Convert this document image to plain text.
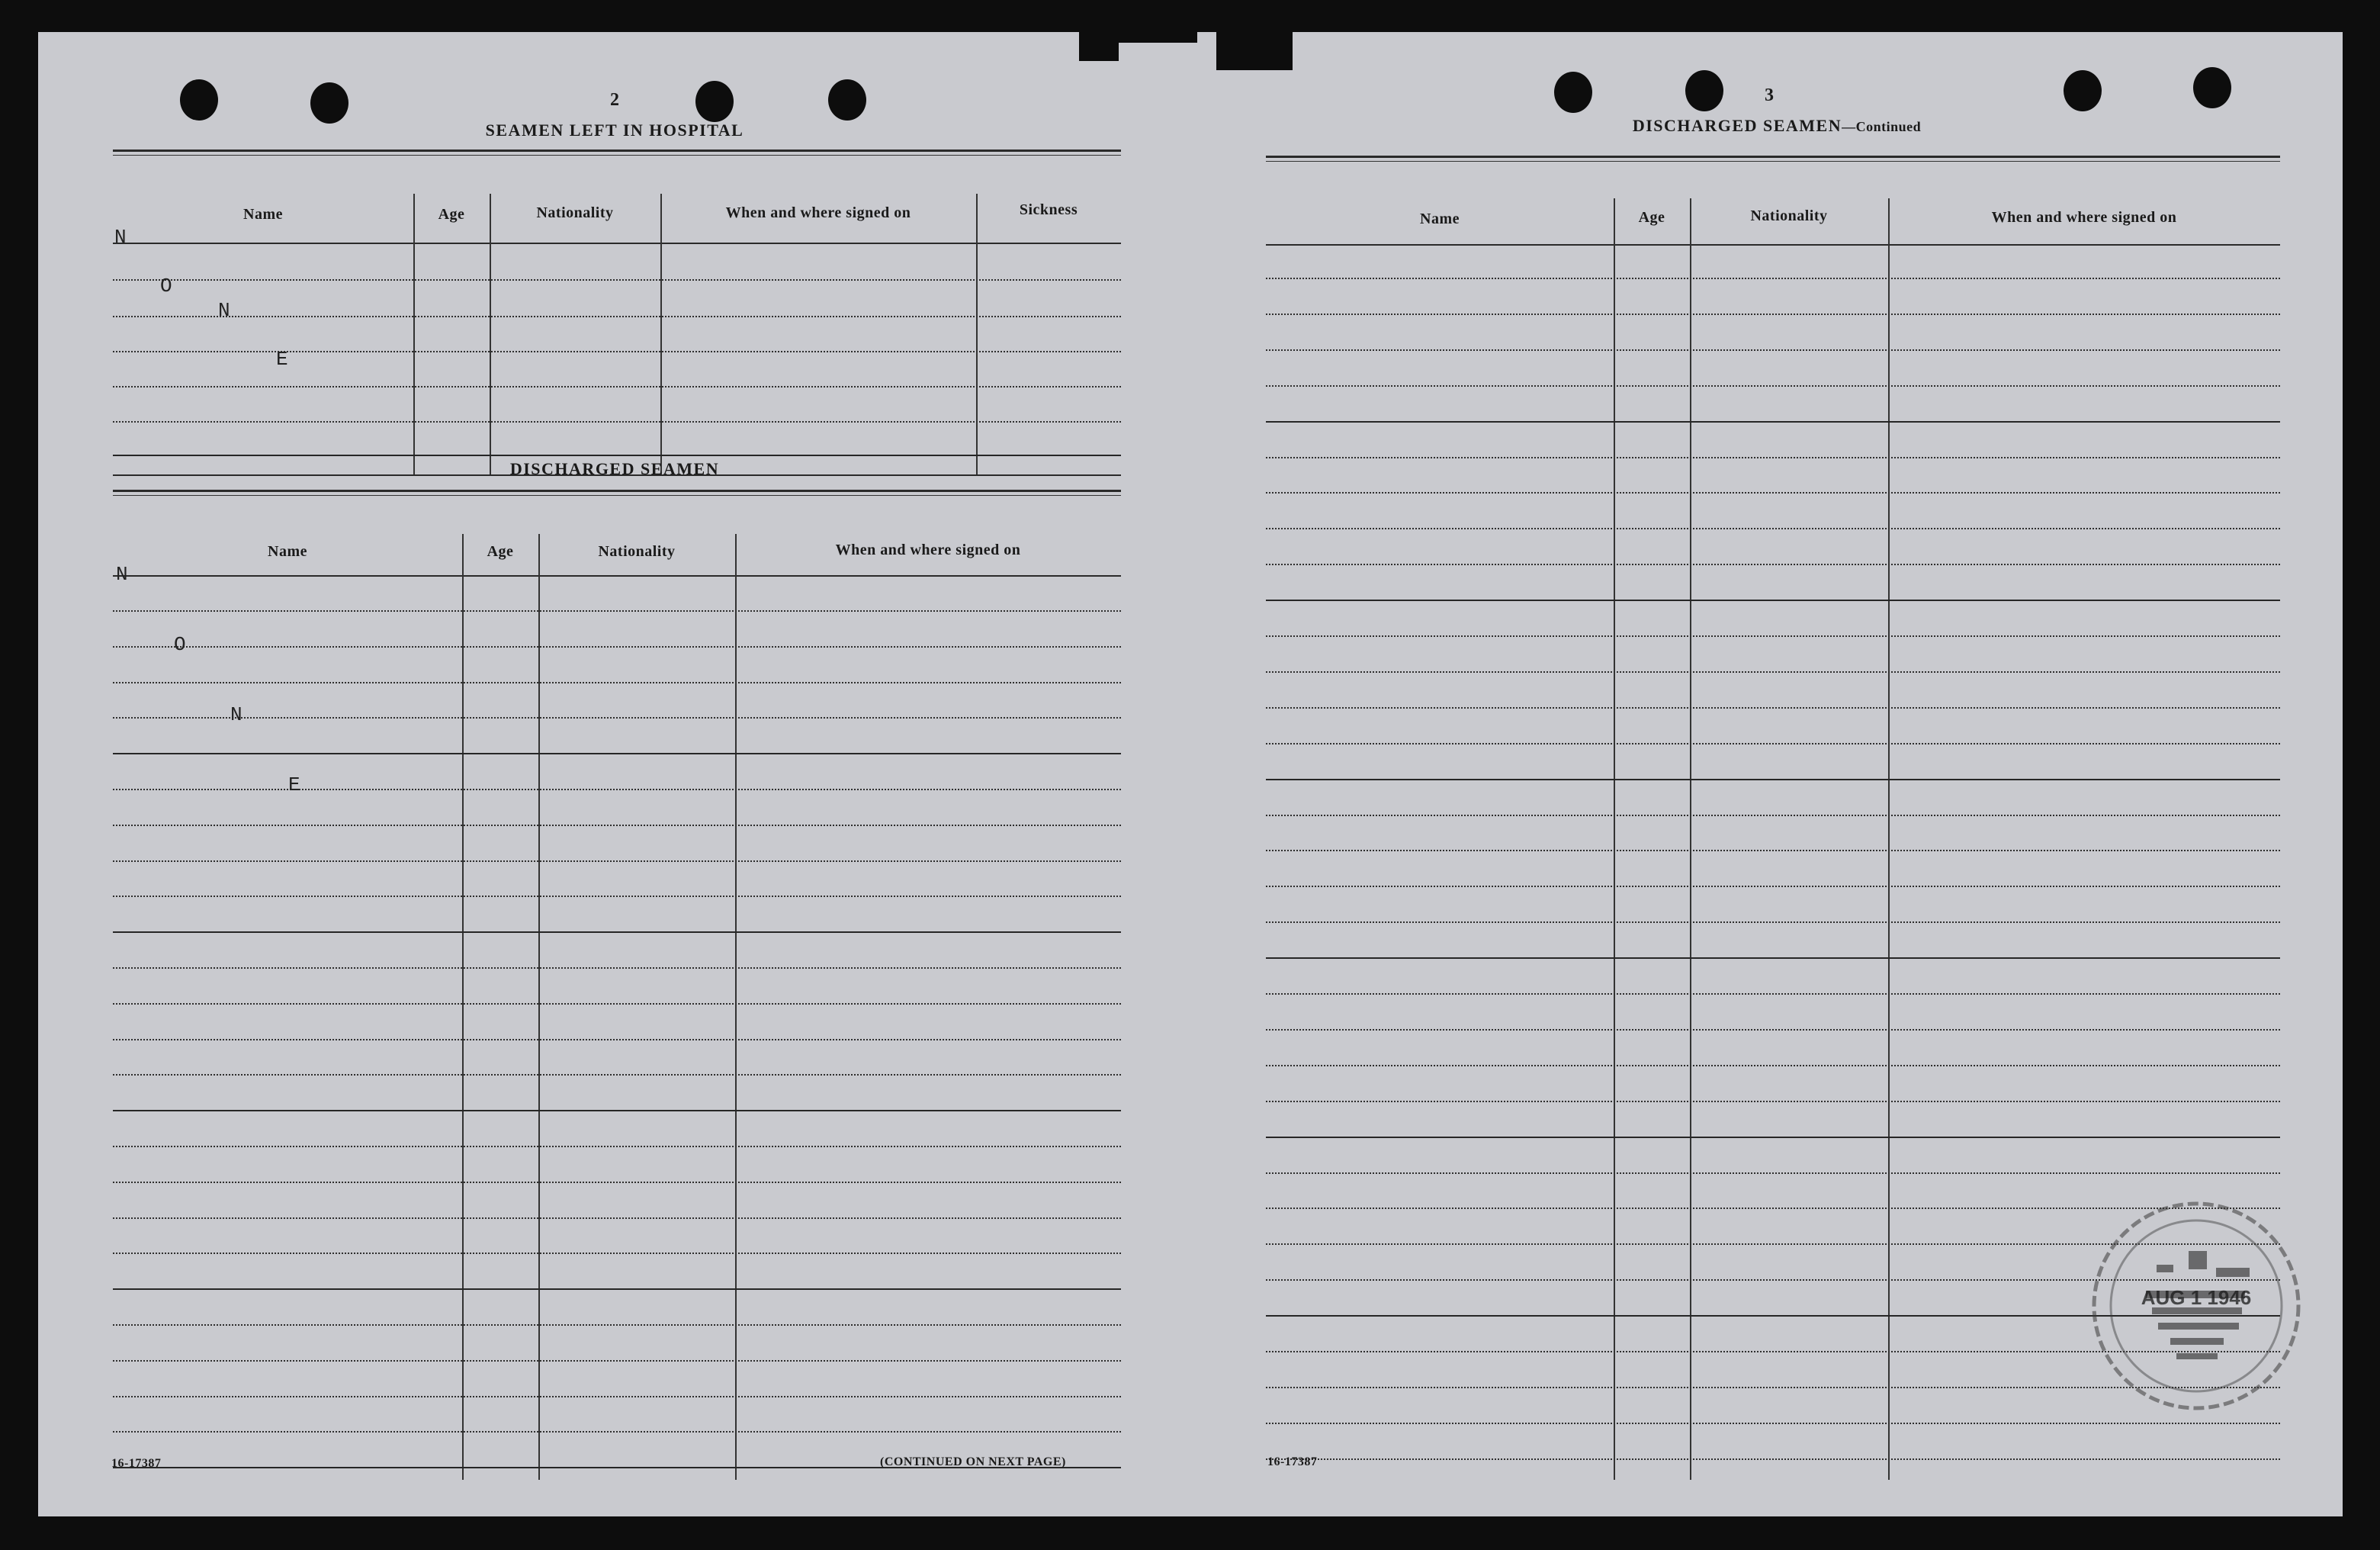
2
SEAMEN LEFT IN HOSPITAL
Name	Age	Nationality	When and where signed on	Sickness
N
O
N
E
DISCHARGED SEAMEN
Name	Age	Nationality	When and where signed on
N
O
N
E
16-17387	(CONTINUED ON NEXT PAGE)
3
DISCHARGED SEAMEN—Continued
Name	Age	Nationality	When and where signed on
16-17387
AUG 1 1946
